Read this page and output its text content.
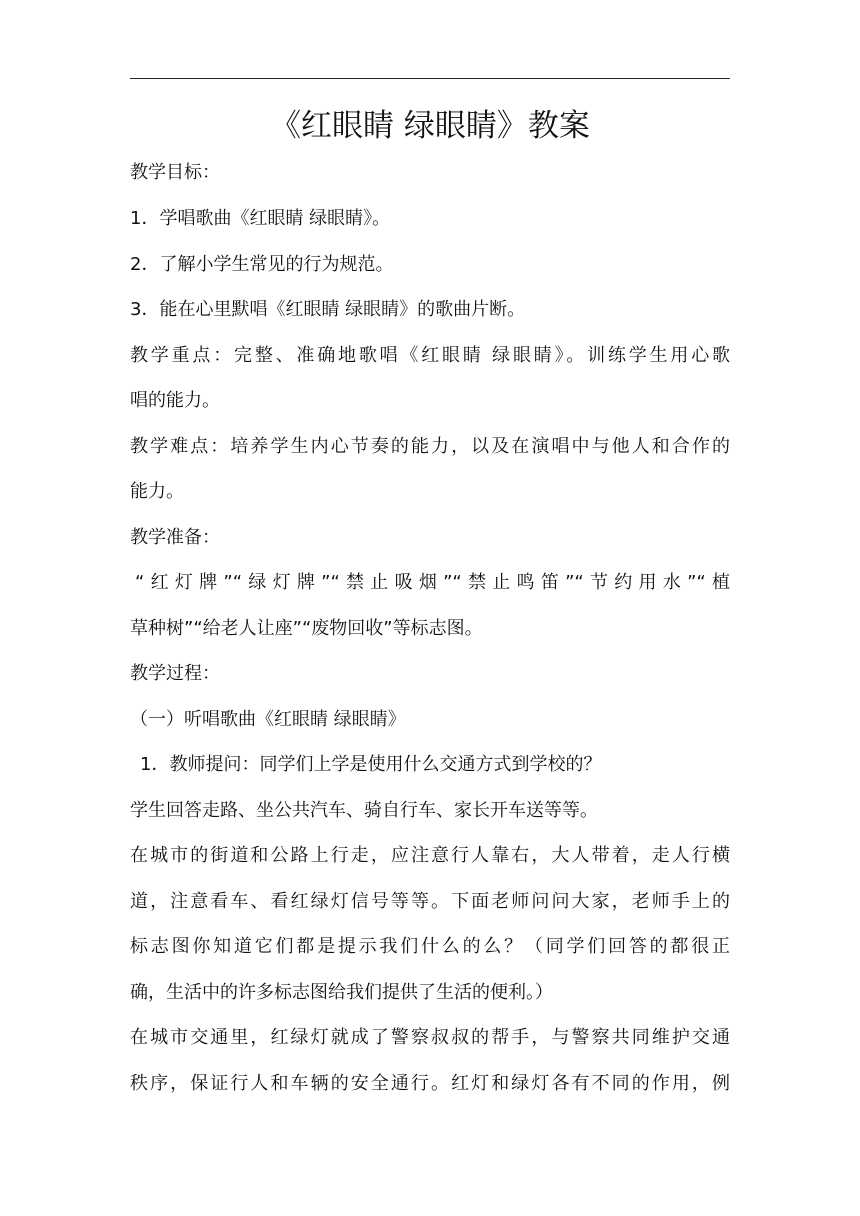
《红眼睛 绿眼睛》教案
教学目标：
1．学唱歌曲《红眼睛 绿眼睛》。
2．了解小学生常见的行为规范。
3．能在心里默唱《红眼睛 绿眼睛》的歌曲片断。
教学重点：完整、准确地歌唱《红眼睛 绿眼睛》。训练学生用心歌
唱的能力。
教学难点：培养学生内心节奏的能力，以及在演唱中与他人和合作的
能力。
教学准备：
“红灯牌”“绿灯牌”“禁止吸烟”“禁止鸣笛”“节约用水”“植
草种树”“给老人让座”“废物回收”等标志图。
教学过程：
（一）听唱歌曲《红眼睛 绿眼睛》
1．教师提问：同学们上学是使用什么交通方式到学校的？
学生回答走路、坐公共汽车、骑自行车、家长开车送等等。
在城市的街道和公路上行走，应注意行人靠右，大人带着，走人行横
道，注意看车、看红绿灯信号等等。下面老师问问大家，老师手上的
标志图你知道它们都是提示我们什么的么？（同学们回答的都很正
确，生活中的许多标志图给我们提供了生活的便利。）
在城市交通里，红绿灯就成了警察叔叔的帮手，与警察共同维护交通
秩序，保证行人和车辆的安全通行。红灯和绿灯各有不同的作用，例
